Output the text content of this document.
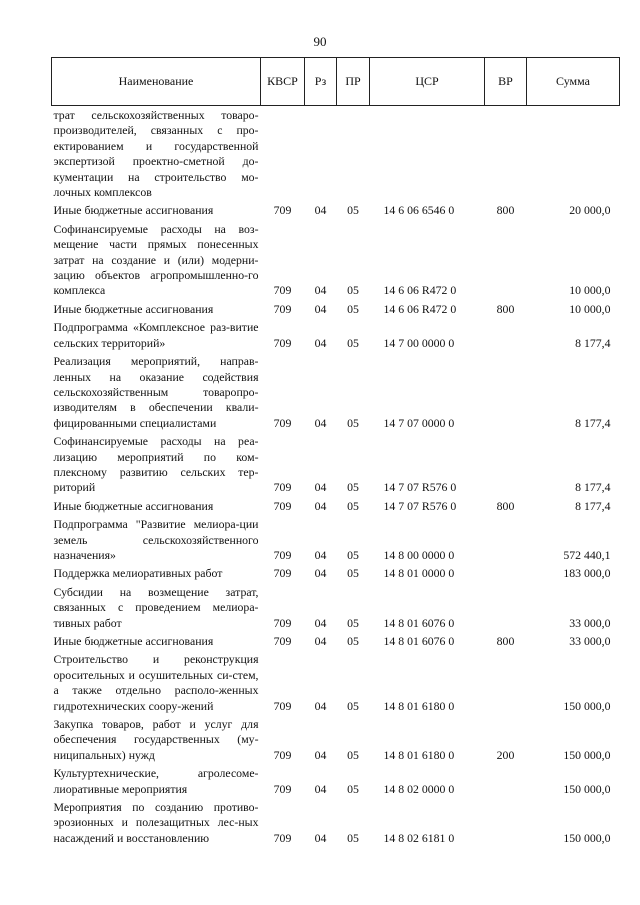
90
Наименование	КВСР	Рз	ПР	ЦСР	ВР	Сумма
трат сельскохозяйственных товаро-производителей, связанных с про-ектированием и государственной экспертизой проектно-сметной до-кументации на строительство мо-лочных комплексов						
Иные бюджетные ассигнования	709	04	05	14 6 06 6546 0	800	20 000,0
Софинансируемые расходы на воз-мещение части прямых понесенных затрат на создание и (или) модерни-зацию объектов агропромышленно-го комплекса	709	04	05	14 6 06 R472 0		10 000,0
Иные бюджетные ассигнования	709	04	05	14 6 06 R472 0	800	10 000,0
Подпрограмма «Комплексное раз-витие сельских территорий»	709	04	05	14 7 00 0000 0		8 177,4
Реализация мероприятий, направ-ленных на оказание содействия сельскохозяйственным товаропро-изводителям в обеспечении квали-фицированными специалистами	709	04	05	14 7 07 0000 0		8 177,4
Софинансируемые расходы на реа-лизацию мероприятий по ком-плексному развитию сельских тер-риторий	709	04	05	14 7 07 R576 0		8 177,4
Иные бюджетные ассигнования	709	04	05	14 7 07 R576 0	800	8 177,4
Подпрограмма "Развитие мелиора-ции земель сельскохозяйственного назначения»	709	04	05	14 8 00 0000 0		572 440,1
Поддержка мелиоративных работ	709	04	05	14 8 01 0000 0		183 000,0
Субсидии на возмещение затрат, связанных с проведением мелиора-тивных работ	709	04	05	14 8 01 6076 0		33 000,0
Иные бюджетные ассигнования	709	04	05	14 8 01 6076 0	800	33 000,0
Строительство и реконструкция оросительных и осушительных си-стем, а также отдельно располо-женных гидротехнических соору-жений	709	04	05	14 8 01 6180 0		150 000,0
Закупка товаров, работ и услуг для обеспечения государственных (му-ниципальных) нужд	709	04	05	14 8 01 6180 0	200	150 000,0
Культуртехнические, агролесоме-лиоративные мероприятия	709	04	05	14 8 02 0000 0		150 000,0
Мероприятия по созданию противо-эрозионных и полезащитных лес-ных насаждений и восстановлению	709	04	05	14 8 02 6181 0		150 000,0
